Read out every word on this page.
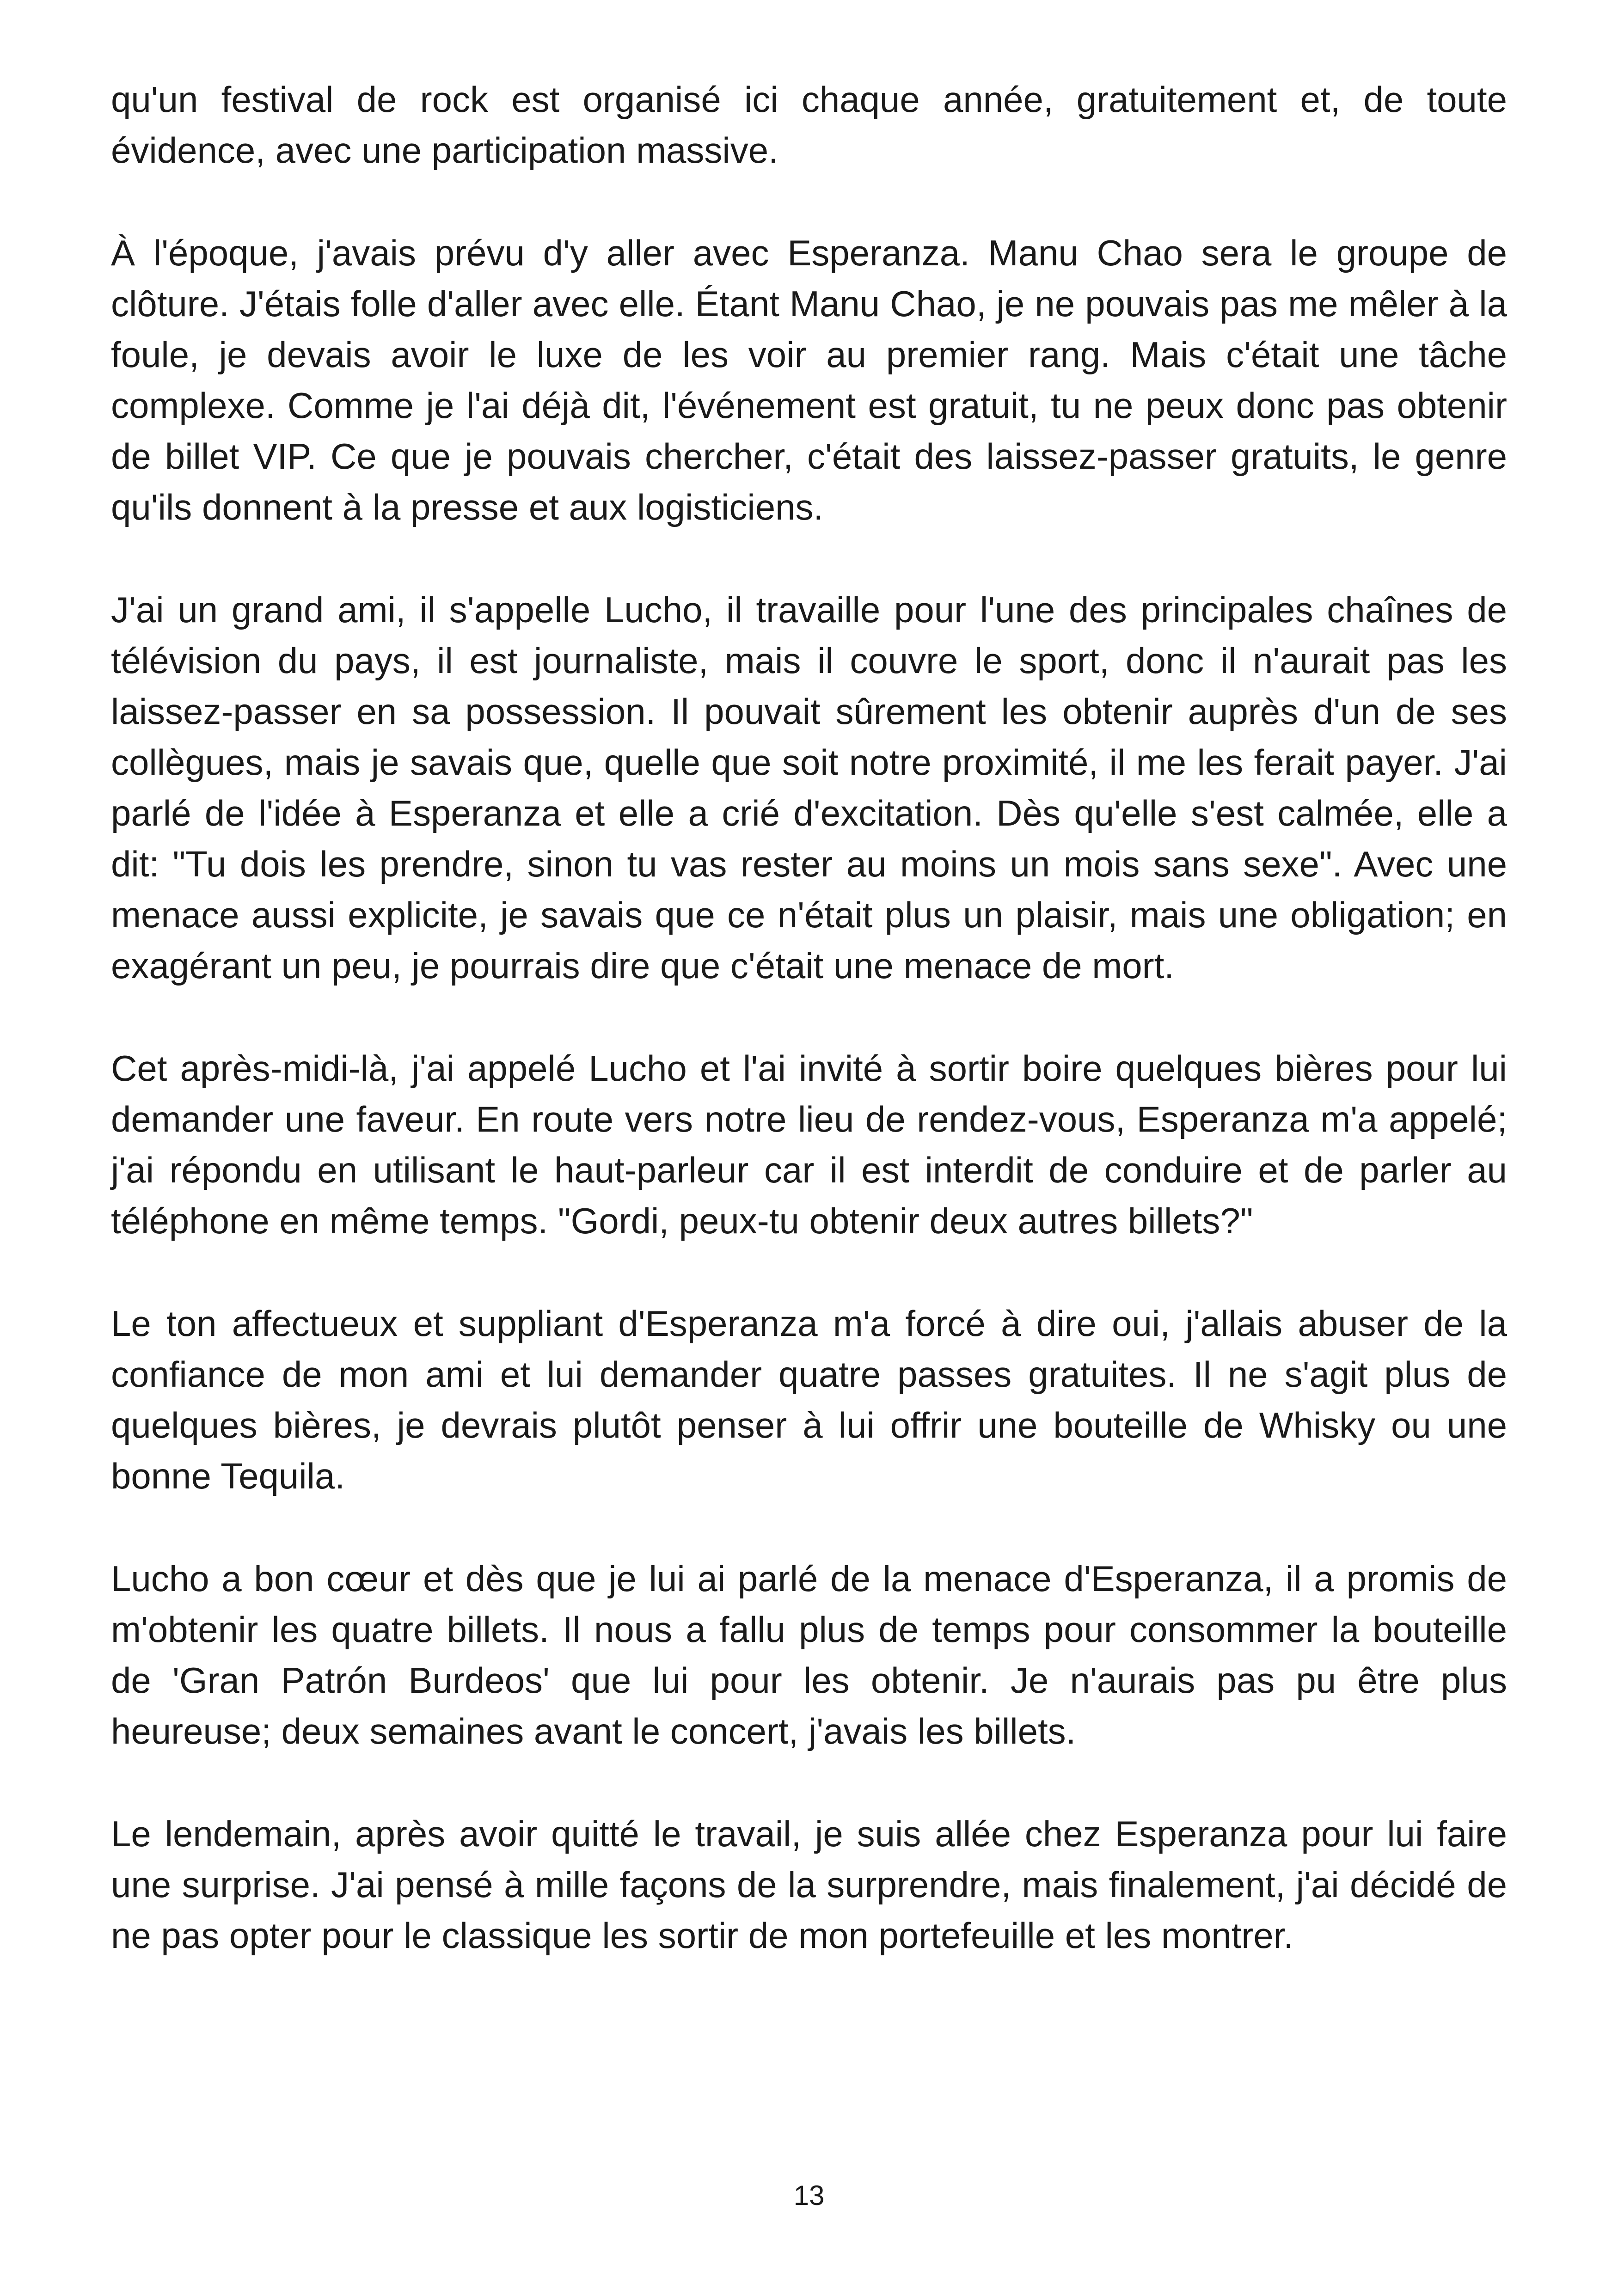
qu'un festival de rock est organisé ici chaque année, gratuitement et, de toute évidence, avec une participation massive.

À l'époque, j'avais prévu d'y aller avec Esperanza. Manu Chao sera le groupe de clôture. J'étais folle d'aller avec elle. Étant Manu Chao, je ne pouvais pas me mêler à la foule, je devais avoir le luxe de les voir au premier rang. Mais c'était une tâche complexe. Comme je l'ai déjà dit, l'événement est gratuit, tu ne peux donc pas obtenir de billet VIP. Ce que je pouvais chercher, c'était des laissez-passer gratuits, le genre qu'ils donnent à la presse et aux logisticiens.

J'ai un grand ami, il s'appelle Lucho, il travaille pour l'une des principales chaînes de télévision du pays, il est journaliste, mais il couvre le sport, donc il n'aurait pas les laissez-passer en sa possession. Il pouvait sûrement les obtenir auprès d'un de ses collègues, mais je savais que, quelle que soit notre proximité, il me les ferait payer. J'ai parlé de l'idée à Esperanza et elle a crié d'excitation. Dès qu'elle s'est calmée, elle a dit: "Tu dois les prendre, sinon tu vas rester au moins un mois sans sexe". Avec une menace aussi explicite, je savais que ce n'était plus un plaisir, mais une obligation; en exagérant un peu, je pourrais dire que c'était une menace de mort.

Cet après-midi-là, j'ai appelé Lucho et l'ai invité à sortir boire quelques bières pour lui demander une faveur. En route vers notre lieu de rendez-vous, Esperanza m'a appelé; j'ai répondu en utilisant le haut-parleur car il est interdit de conduire et de parler au téléphone en même temps. "Gordi, peux-tu obtenir deux autres billets?"

Le ton affectueux et suppliant d'Esperanza m'a forcé à dire oui, j'allais abuser de la confiance de mon ami et lui demander quatre passes gratuites. Il ne s'agit plus de quelques bières, je devrais plutôt penser à lui offrir une bouteille de Whisky ou une bonne Tequila.

Lucho a bon cœur et dès que je lui ai parlé de la menace d'Esperanza, il a promis de m'obtenir les quatre billets. Il nous a fallu plus de temps pour consommer la bouteille de 'Gran Patrón Burdeos' que lui pour les obtenir. Je n'aurais pas pu être plus heureuse; deux semaines avant le concert, j'avais les billets.

Le lendemain, après avoir quitté le travail, je suis allée chez Esperanza pour lui faire une surprise. J'ai pensé à mille façons de la surprendre, mais finalement, j'ai décidé de ne pas opter pour le classique les sortir de mon portefeuille et les montrer.

13
